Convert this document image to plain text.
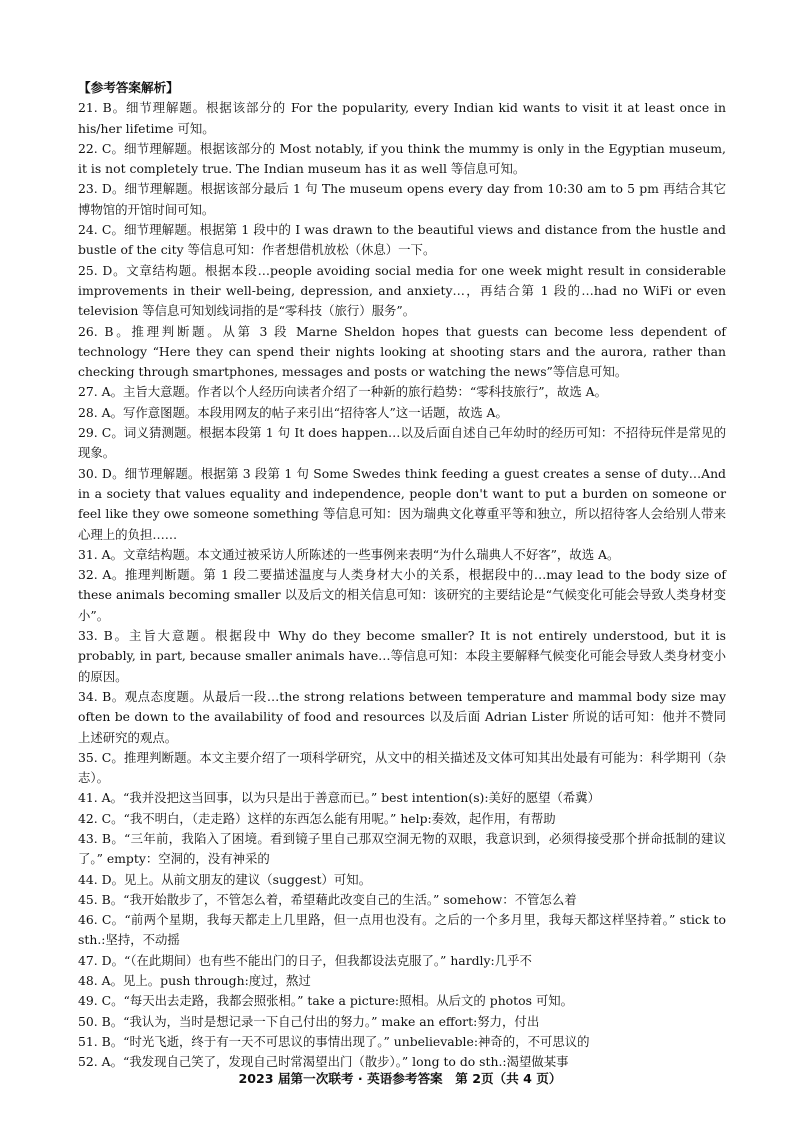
【参考答案解析】

21. B。细节理解题。根据该部分的 For the popularity, every Indian kid wants to visit it at least once in his/her lifetime 可知。

22. C。细节理解题。根据该部分的 Most notably, if you think the mummy is only in the Egyptian museum, it is not completely true. The Indian museum has it as well 等信息可知。

23. D。细节理解题。根据该部分最后 1 句 The museum opens every day from 10:30 am to 5 pm 再结合其它博物馆的开馆时间可知。

24. C。细节理解题。根据第 1 段中的 I was drawn to the beautiful views and distance from the hustle and bustle of the city 等信息可知：作者想借机放松（休息）一下。

25. D。文章结构题。根据本段…people avoiding social media for one week might result in considerable improvements in their well-being, depression, and anxiety…，再结合第 1 段的…had no WiFi or even television 等信息可知划线词指的是“零科技（旅行）服务”。

26. B。推理判断题。从第 3 段 Marne Sheldon hopes that guests can become less dependent of technology “Here they can spend their nights looking at shooting stars and the aurora, rather than checking through smartphones, messages and posts or watching the news”等信息可知。

27. A。主旨大意题。作者以个人经历向读者介绍了一种新的旅行趋势：“零科技旅行”，故选 A。

28. A。写作意图题。本段用网友的帖子来引出“招待客人”这一话题，故选 A。

29. C。词义猜测题。根据本段第 1 句 It does happen…以及后面自述自己年幼时的经历可知：不招待玩伴是常见的现象。

30. D。细节理解题。根据第 3 段第 1 句 Some Swedes think feeding a guest creates a sense of duty…And in a society that values equality and independence, people don't want to put a burden on someone or feel like they owe someone something 等信息可知：因为瑞典文化尊重平等和独立，所以招待客人会给别人带来心理上的负担……

31. A。文章结构题。本文通过被采访人所陈述的一些事例来表明“为什么瑞典人不好客”，故选 A。

32. A。推理判断题。第 1 段二要描述温度与人类身材大小的关系，根据段中的…may lead to the body size of these animals becoming smaller 以及后文的相关信息可知：该研究的主要结论是“气候变化可能会导致人类身材变小”。

33. B。主旨大意题。根据段中 Why do they become smaller? It is not entirely understood, but it is probably, in part, because smaller animals have…等信息可知：本段主要解释气候变化可能会导致人类身材变小的原因。

34. B。观点态度题。从最后一段…the strong relations between temperature and mammal body size may often be down to the availability of food and resources 以及后面 Adrian Lister 所说的话可知：他并不赞同上述研究的观点。

35. C。推理判断题。本文主要介绍了一项科学研究，从文中的相关描述及文体可知其出处最有可能为：科学期刊（杂志）。

41. A。“我并没把这当回事，以为只是出于善意而已。” best intention(s):美好的愿望（希冀）

42. C。“我不明白，（走走路）这样的东西怎么能有用呢。” help:奏效，起作用，有帮助

43. B。“三年前，我陷入了困境。看到镜子里自己那双空洞无物的双眼，我意识到，必须得接受那个拼命抵制的建议了。” empty：空洞的，没有神采的

44. D。见上。从前文朋友的建议（suggest）可知。

45. B。“我开始散步了，不管怎么着，希望藉此改变自己的生活。” somehow：不管怎么着

46. C。“前两个星期，我每天都走上几里路，但一点用也没有。之后的一个多月里，我每天都这样坚持着。” stick to sth.:坚持，不动摇

47. D。“（在此期间）也有些不能出门的日子，但我都设法克服了。” hardly:几乎不

48. A。见上。push through:度过，熬过

49. C。“每天出去走路，我都会照张相。” take a picture:照相。从后文的 photos 可知。

50. B。“我认为，当时是想记录一下自己付出的努力。” make an effort:努力，付出

51. B。“时光飞逝，终于有一天不可思议的事情出现了。” unbelievable:神奇的，不可思议的

52. A。“我发现自己笑了，发现自己时常渴望出门（散步）。” long to do sth.:渴望做某事

2023 届第一次联考 · 英语参考答案　第 2页（共 4 页）
